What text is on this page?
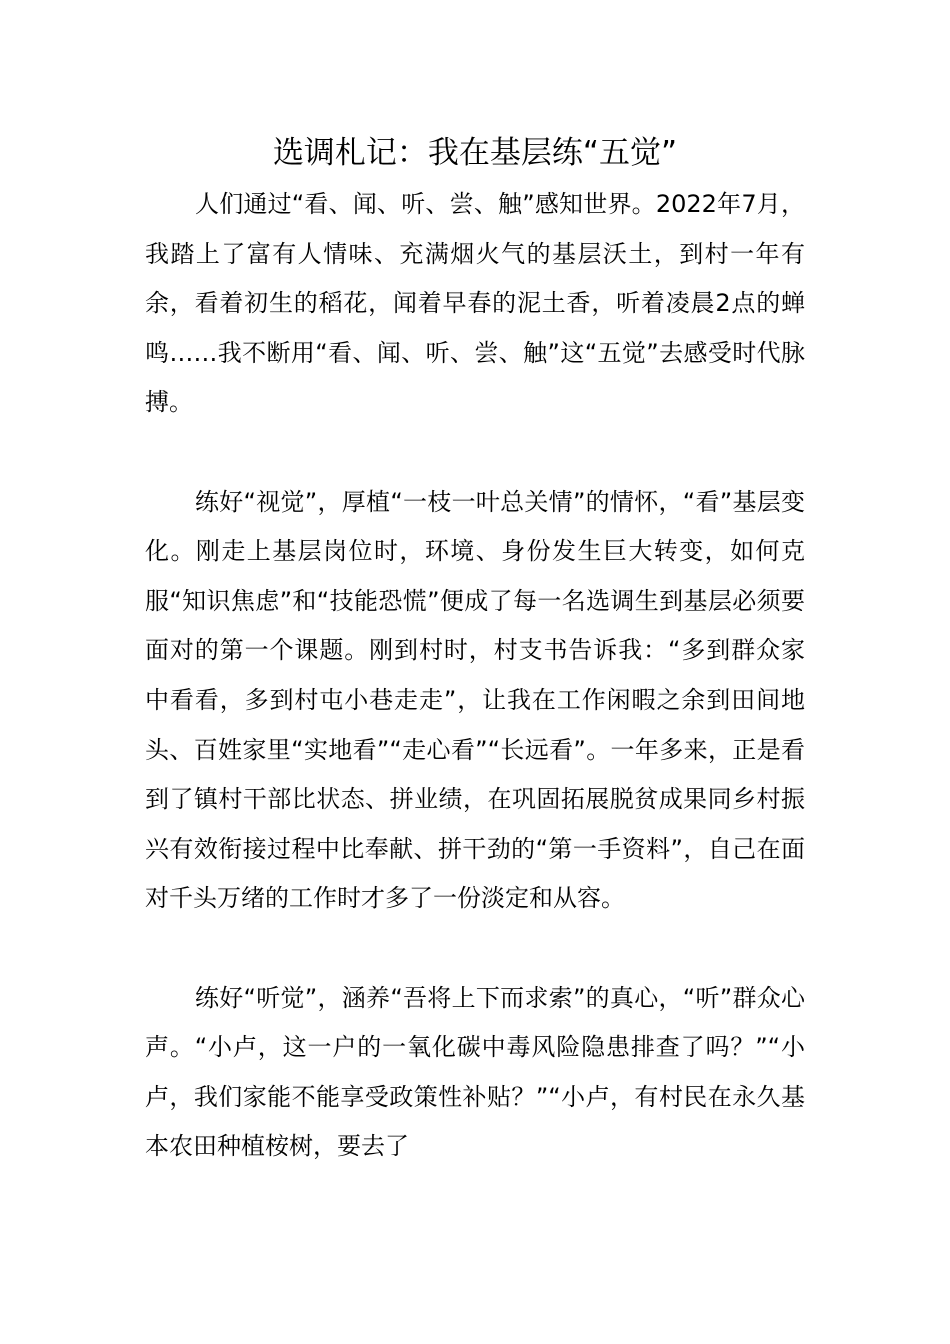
选调札记：我在基层练“五觉”

人们通过“看、闻、听、尝、触”感知世界。2022年7月，我踏上了富有人情味、充满烟火气的基层沃土，到村一年有余，看着初生的稻花，闻着早春的泥土香，听着凌晨2点的蝉鸣……我不断用“看、闻、听、尝、触”这“五觉”去感受时代脉搏。

练好“视觉”，厚植“一枝一叶总关情”的情怀，“看”基层变化。刚走上基层岗位时，环境、身份发生巨大转变，如何克服“知识焦虑”和“技能恐慌”便成了每一名选调生到基层必须要面对的第一个课题。刚到村时，村支书告诉我：“多到群众家中看看，多到村屯小巷走走”，让我在工作闲暇之余到田间地头、百姓家里“实地看”“走心看”“长远看”。一年多来，正是看到了镇村干部比状态、拼业绩，在巩固拓展脱贫成果同乡村振兴有效衔接过程中比奉献、拼干劲的“第一手资料”，自己在面对千头万绪的工作时才多了一份淡定和从容。

练好“听觉”，涵养“吾将上下而求索”的真心，“听”群众心声。“小卢，这一户的一氧化碳中毒风险隐患排查了吗？”“小卢，我们家能不能享受政策性补贴？”“小卢，有村民在永久基本农田种植桉树，要去了
